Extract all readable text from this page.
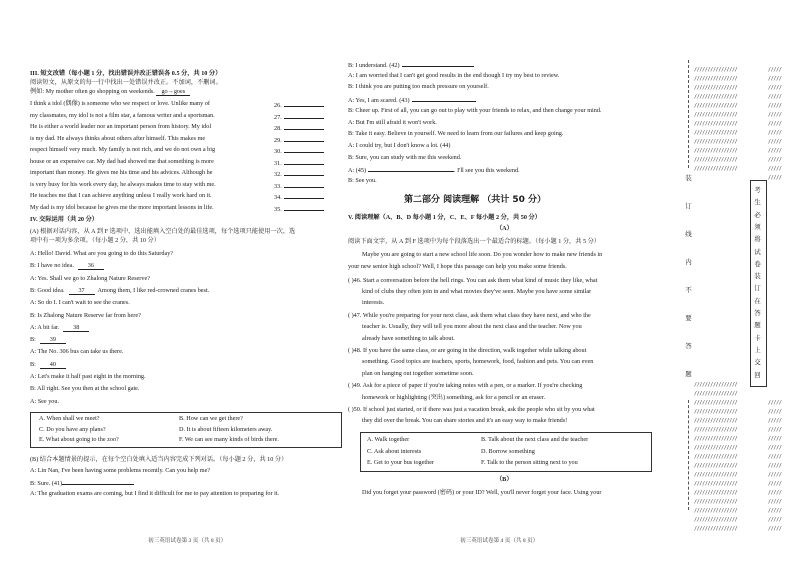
III. 短文改错（每小题 1 分，找出错误并改正错误各 0.5 分，共 10 分）
阅读短文，从原文的每一行中找出一处错误并改正。不加词，不删词。
例如: My mother often go shopping on weekends. go→goes
I think a idol (偶像) is someone who we respect or love. Unlike many of	26.
my classmates, my idol is not a film star, a famous writer and a sportsman.	27.
He is either a world leader nor an important person from history. My idol	28.
is my dad. He always thinks about others after himself. This makes me	29.
respect himself very much. My family is not rich, and we do not own a big	30.
house or an expensive car. My dad had showed me that something is more	31.
important than money. He gives me his time and his advices. Although he	32.
is very busy for his work every day, he always makes time to stay with me.	33.
He teaches me that I can achieve anything unless I really work hard on it.	34.
My dad is my idol because he gives me the more important lessons in life.	35.
IV. 交际运用（共 20 分）
(A) 根据对话内容，从 A 到 F 选项中，选出能填入空白处的最佳选项，每个选项只能使用一次，选
项中有一项为多余项。（每小题 2 分，共 10 分）
A: Hello! David. What are you going to do this Saturday?
B: I have no idea. 36
A: Yes. Shall we go to Zhalong Nature Reserve?
B: Good idea. 37 Among them, I like red-crowned cranes best.
A: So do I. I can't wait to see the cranes.
B: Is Zhalong Nature Reserve far from here?
A: A bit far. 38
B: 39
A: The No. 306 bus can take us there.
B: 40
A: Let's make it half past eight in the morning.
B: All right. See you then at the school gate.
A: See you.
A. When shall we meet?	B. How can we get there?
C. Do you have any plans?	D. It is about fifteen kilometers away.
E. What about going to the zoo?	F. We can see many kinds of birds there.
(B) 结合本题情景的提示，在每个空白处填入适当内容完成下列对话。（每小题 2 分，共 10 分）
A: Lin Nan, I've been having some problems recently. Can you help me?
B: Sure. (41)
A: The graduation exams are coming, but I find it difficult for me to pay attention to preparing for it.
初三英语试卷第 3 页（共 8 页）
B: I understand. (42)
A: I am worried that I can't get good results in the end though I try my best to review.
B: I think you are putting too much pressure on yourself.
A: Yes, I am scared. (43)
B: Cheer up. First of all, you can go out to play with your friends to relax, and then change your mind.
A: But I'm still afraid it won't work.
B: Take it easy. Believe in yourself. We need to learn from our failures and keep going.
A: I could try, but I don't know a lot. (44)
B: Sure, you can study with me this weekend.
A: (45)	. I'll see you this weekend.
B: See you.
第二部分 阅读理解 （共计 50 分）
V. 阅读理解（A、B、D 每小题 1 分，C、E、F 每小题 2 分，共 50 分）
（A）
阅读下面文字，从 A 到 F 选项中为每个段落选出一个最适合的标题。（每小题 1 分，共 5 分）
Maybe you are going to start a new school life soon. Do you wonder how to make new friends in
your new senior high school? Well, I hope this passage can help you make some friends.
( )46. Start a conversation before the bell rings. You can ask them what kind of music they like, what
kind of clubs they often join in and what movies they've seen. Maybe you have some similar
interests.
( )47. While you're preparing for your next class, ask them what class they have next, and who the
teacher is. Usually, they will tell you more about the next class and the teacher. Now you
already have something to talk about.
( )48. If you have the same class, or are going in the direction, walk together while talking about
something. Good topics are teachers, sports, homework, food, fashion and pets. You can even
plan on hanging out together sometime soon.
( )49. Ask for a piece of paper if you're taking notes with a pen, or a marker. If you're checking
homework or highlighting (突出) something, ask for a pencil or an eraser.
( )50. If school just started, or if there was just a vacation break, ask the people who sit by you what
they did over the break. You can share stories and it's an easy way to make friends!
A. Walk together	B. Talk about the next class and the teacher
C. Ask about interests	D. Borrow something
E. Get to your bus together	F. Talk to the person sitting next to you
（B）
Did you forget your password (密码) or your ID? Well, you'll never forget your face. Using your
初三英语试卷第 4 页（共 8 页）
////////////////
////////////////
////////////////
////////////////
////////////////
////////////////
////////////////
////////////////
////////////////
////////////////
////////////////
////////////////
////////////////
////////////////
////////////////
////////////////
////////////////
////////////////
////////////////
////////////////
////////////////
////////////////
////////////////
////////////////
////////////////
////////////////
////////////////
////////////////
////////////////
/////
/////
/////
/////
/////
/////
/////
/////
/////
/////
/////
/////
/////
/////
/////
/////
/////
/////
/////
/////
/////
/////
/////
/////
/////
/////
/////
/////
装
订
线
内
不
要
答
题
考
生
必
须
将
试
卷
装
订
在
答
题
卡
上
交
回
